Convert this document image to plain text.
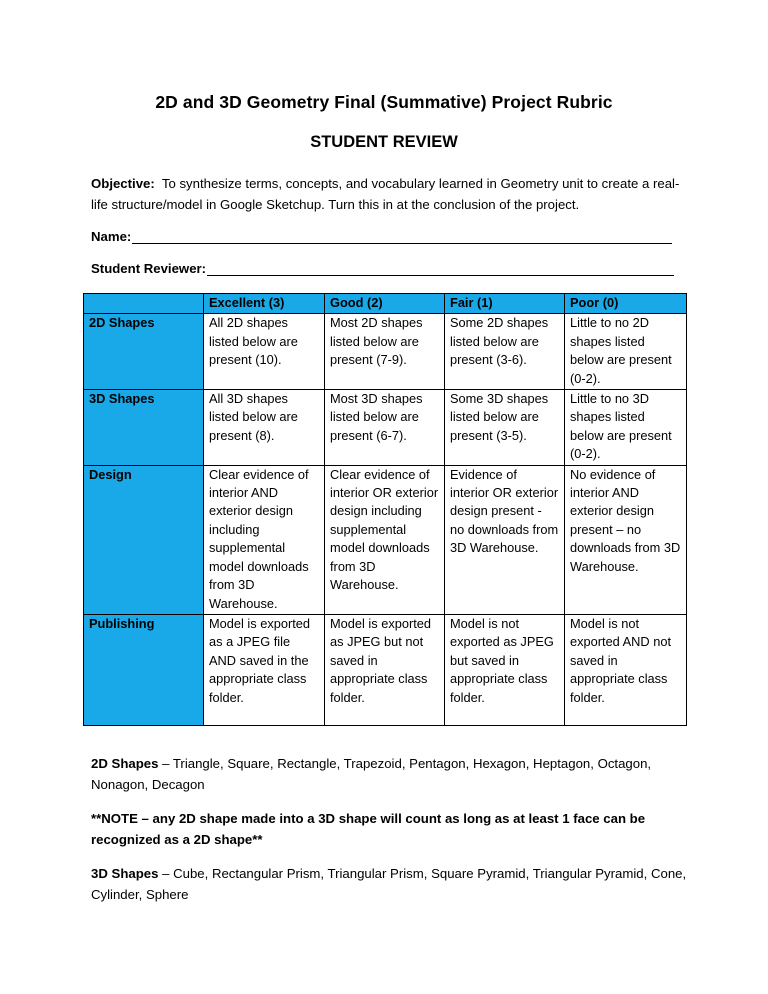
2D and 3D Geometry Final (Summative) Project Rubric
STUDENT REVIEW
Objective: To synthesize terms, concepts, and vocabulary learned in Geometry unit to create a real-life structure/model in Google Sketchup. Turn this in at the conclusion of the project.
Name:
Student Reviewer:
	Excellent (3)	Good (2)	Fair (1)	Poor (0)
2D Shapes	All 2D shapes listed below are present (10).	Most 2D shapes listed below are present (7-9).	Some 2D shapes listed below are present (3-6).	Little to no 2D shapes listed below are present (0-2).
3D Shapes	All 3D shapes listed below are present (8).	Most 3D shapes listed below are present (6-7).	Some 3D shapes listed below are present (3-5).	Little to no 3D shapes listed below are present (0-2).
Design	Clear evidence of interior AND exterior design including supplemental model downloads from 3D Warehouse.	Clear evidence of interior OR exterior design including supplemental model downloads from 3D Warehouse.	Evidence of interior OR exterior design present - no downloads from 3D Warehouse.	No evidence of interior AND exterior design present – no downloads from 3D Warehouse.
Publishing	Model is exported as a JPEG file AND saved in the appropriate class folder.	Model is exported as JPEG but not saved in appropriate class folder.	Model is not exported as JPEG but saved in appropriate class folder.	Model is not exported AND not saved in appropriate class folder.
2D Shapes – Triangle, Square, Rectangle, Trapezoid, Pentagon, Hexagon, Heptagon, Octagon, Nonagon, Decagon
**NOTE – any 2D shape made into a 3D shape will count as long as at least 1 face can be recognized as a 2D shape**
3D Shapes – Cube, Rectangular Prism, Triangular Prism, Square Pyramid, Triangular Pyramid, Cone, Cylinder, Sphere
